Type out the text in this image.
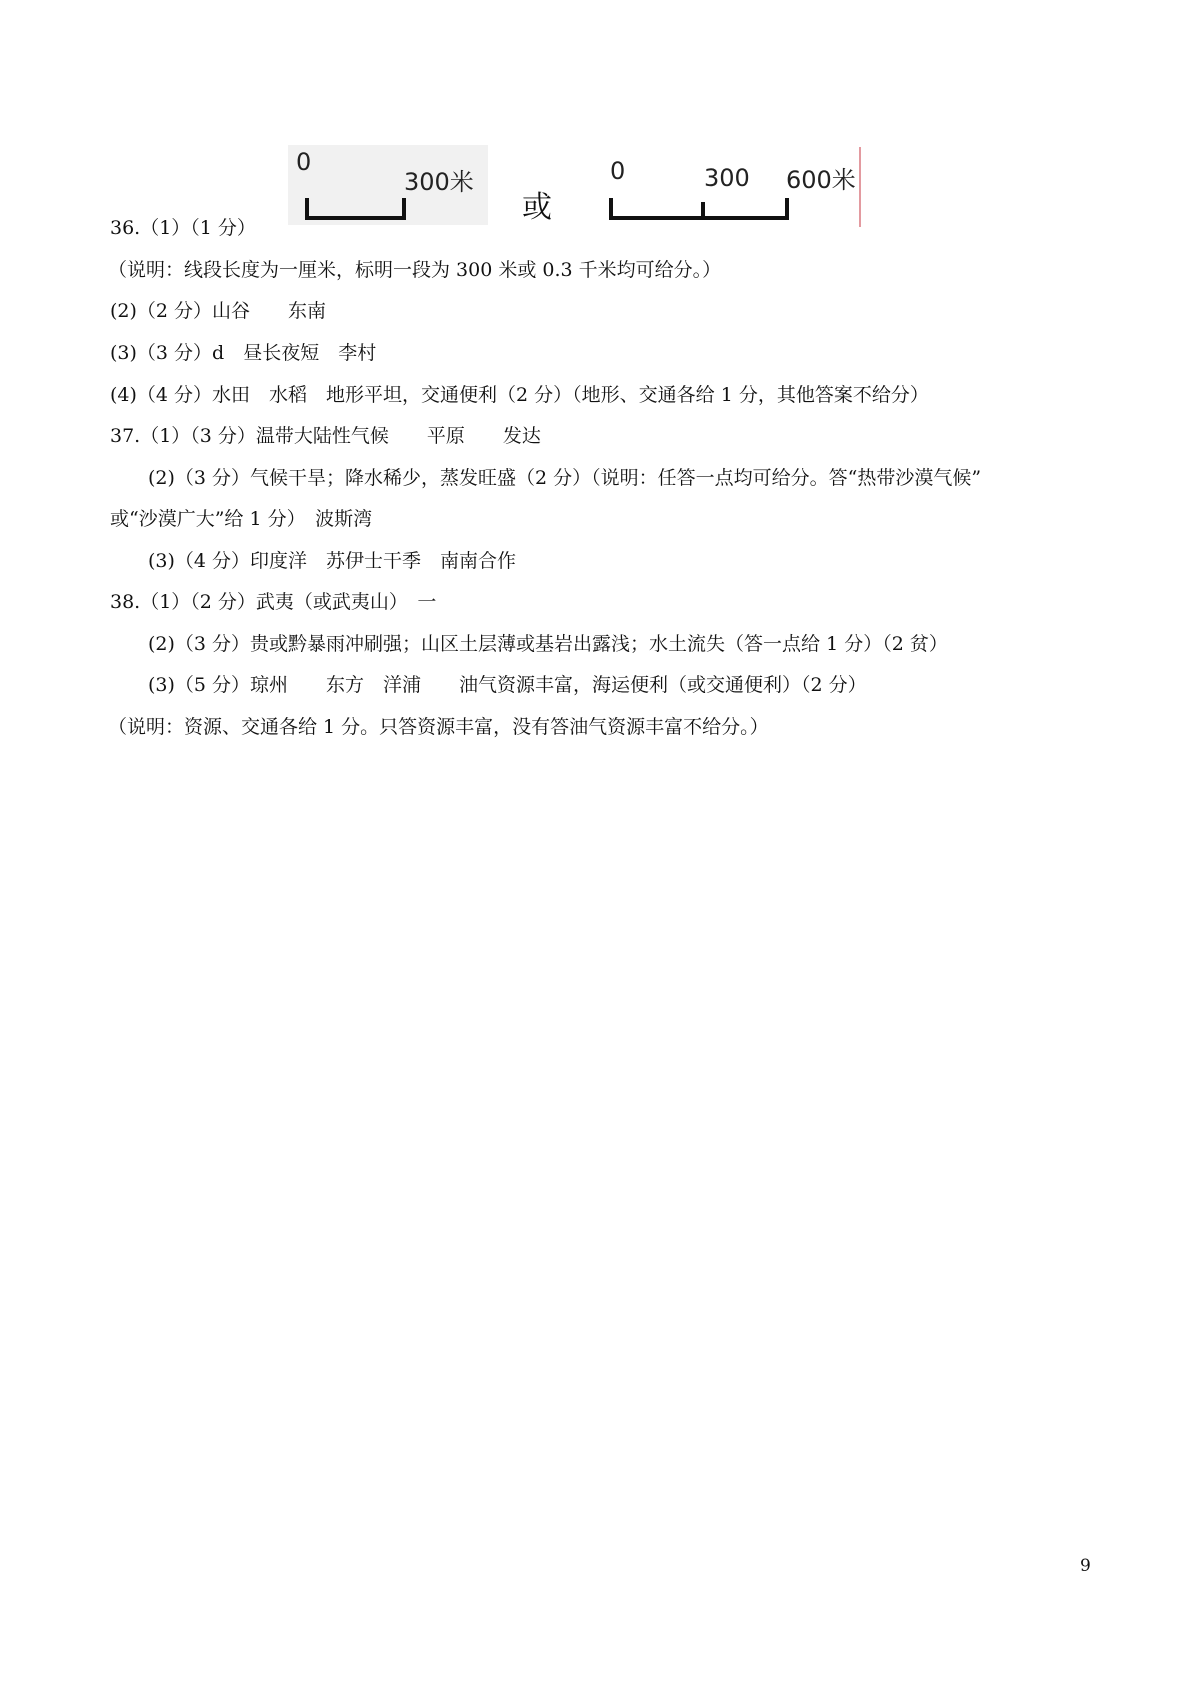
0
300米
或
0	300 600米
36.（1）（1 分）
（说明：线段长度为一厘米，标明一段为 300 米或 0.3 千米均可给分。）
(2)（2 分）山谷　　东南
(3)（3 分）d　昼长夜短　李村
(4)（4 分）水田　水稻　地形平坦，交通便利（2 分）（地形、交通各给 1 分，其他答案不给分）
37.（1）（3 分）温带大陆性气候　　平原　　发达
　　(2)（3 分）气候干旱；降水稀少，蒸发旺盛（2 分）（说明：任答一点均可给分。答“热带沙漠气候”
或“沙漠广大”给 1 分）　波斯湾
　　(3)（4 分）印度洋　苏伊士干季　南南合作
38.（1）（2 分）武夷（或武夷山）　一
　　(2)（3 分）贵或黔暴雨冲刷强；山区土层薄或基岩出露浅；水土流失（答一点给 1 分）（2 贫）
　　(3)（5 分）琼州　　东方　洋浦　　油气资源丰富，海运便利（或交通便利）（2 分）
（说明：资源、交通各给 1 分。只答资源丰富，没有答油气资源丰富不给分。）
9
